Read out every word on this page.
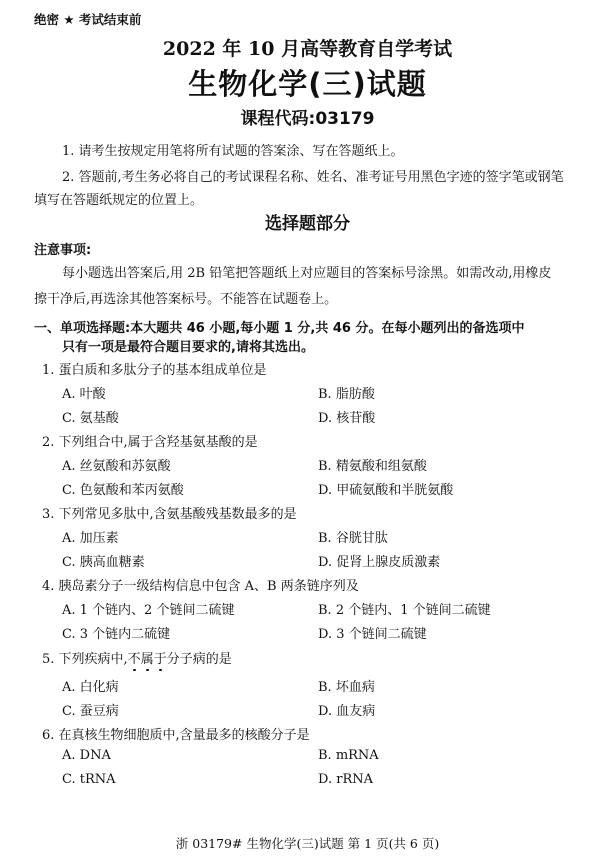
绝密 ★ 考试结束前
2022 年 10 月高等教育自学考试
生物化学(三)试题
课程代码:03179
1. 请考生按规定用笔将所有试题的答案涂、写在答题纸上。
2. 答题前,考生务必将自己的考试课程名称、姓名、准考证号用黑色字迹的签字笔或钢笔
填写在答题纸规定的位置上。
选择题部分
注意事项:
每小题选出答案后,用 2B 铅笔把答题纸上对应题目的答案标号涂黑。如需改动,用橡皮
擦干净后,再选涂其他答案标号。不能答在试题卷上。
一、单项选择题:本大题共 46 小题,每小题 1 分,共 46 分。在每小题列出的备选项中
只有一项是最符合题目要求的,请将其选出。
1. 蛋白质和多肽分子的基本组成单位是
A. 叶酸	B. 脂肪酸
C. 氨基酸	D. 核苷酸
2. 下列组合中,属于含羟基氨基酸的是
A. 丝氨酸和苏氨酸	B. 精氨酸和组氨酸
C. 色氨酸和苯丙氨酸	D. 甲硫氨酸和半胱氨酸
3. 下列常见多肽中,含氨基酸残基数最多的是
A. 加压素	B. 谷胱甘肽
C. 胰高血糖素	D. 促肾上腺皮质激素
4. 胰岛素分子一级结构信息中包含 A、B 两条链序列及
A. 1 个链内、2 个链间二硫键	B. 2 个链内、1 个链间二硫键
C. 3 个链内二硫键	D. 3 个链间二硫键
5. 下列疾病中,不属于分子病的是
A. 白化病	B. 坏血病
C. 蚕豆病	D. 血友病
6. 在真核生物细胞质中,含量最多的核酸分子是
A. DNA	B. mRNA
C. tRNA	D. rRNA
浙 03179# 生物化学(三)试题 第 1 页(共 6 页)
